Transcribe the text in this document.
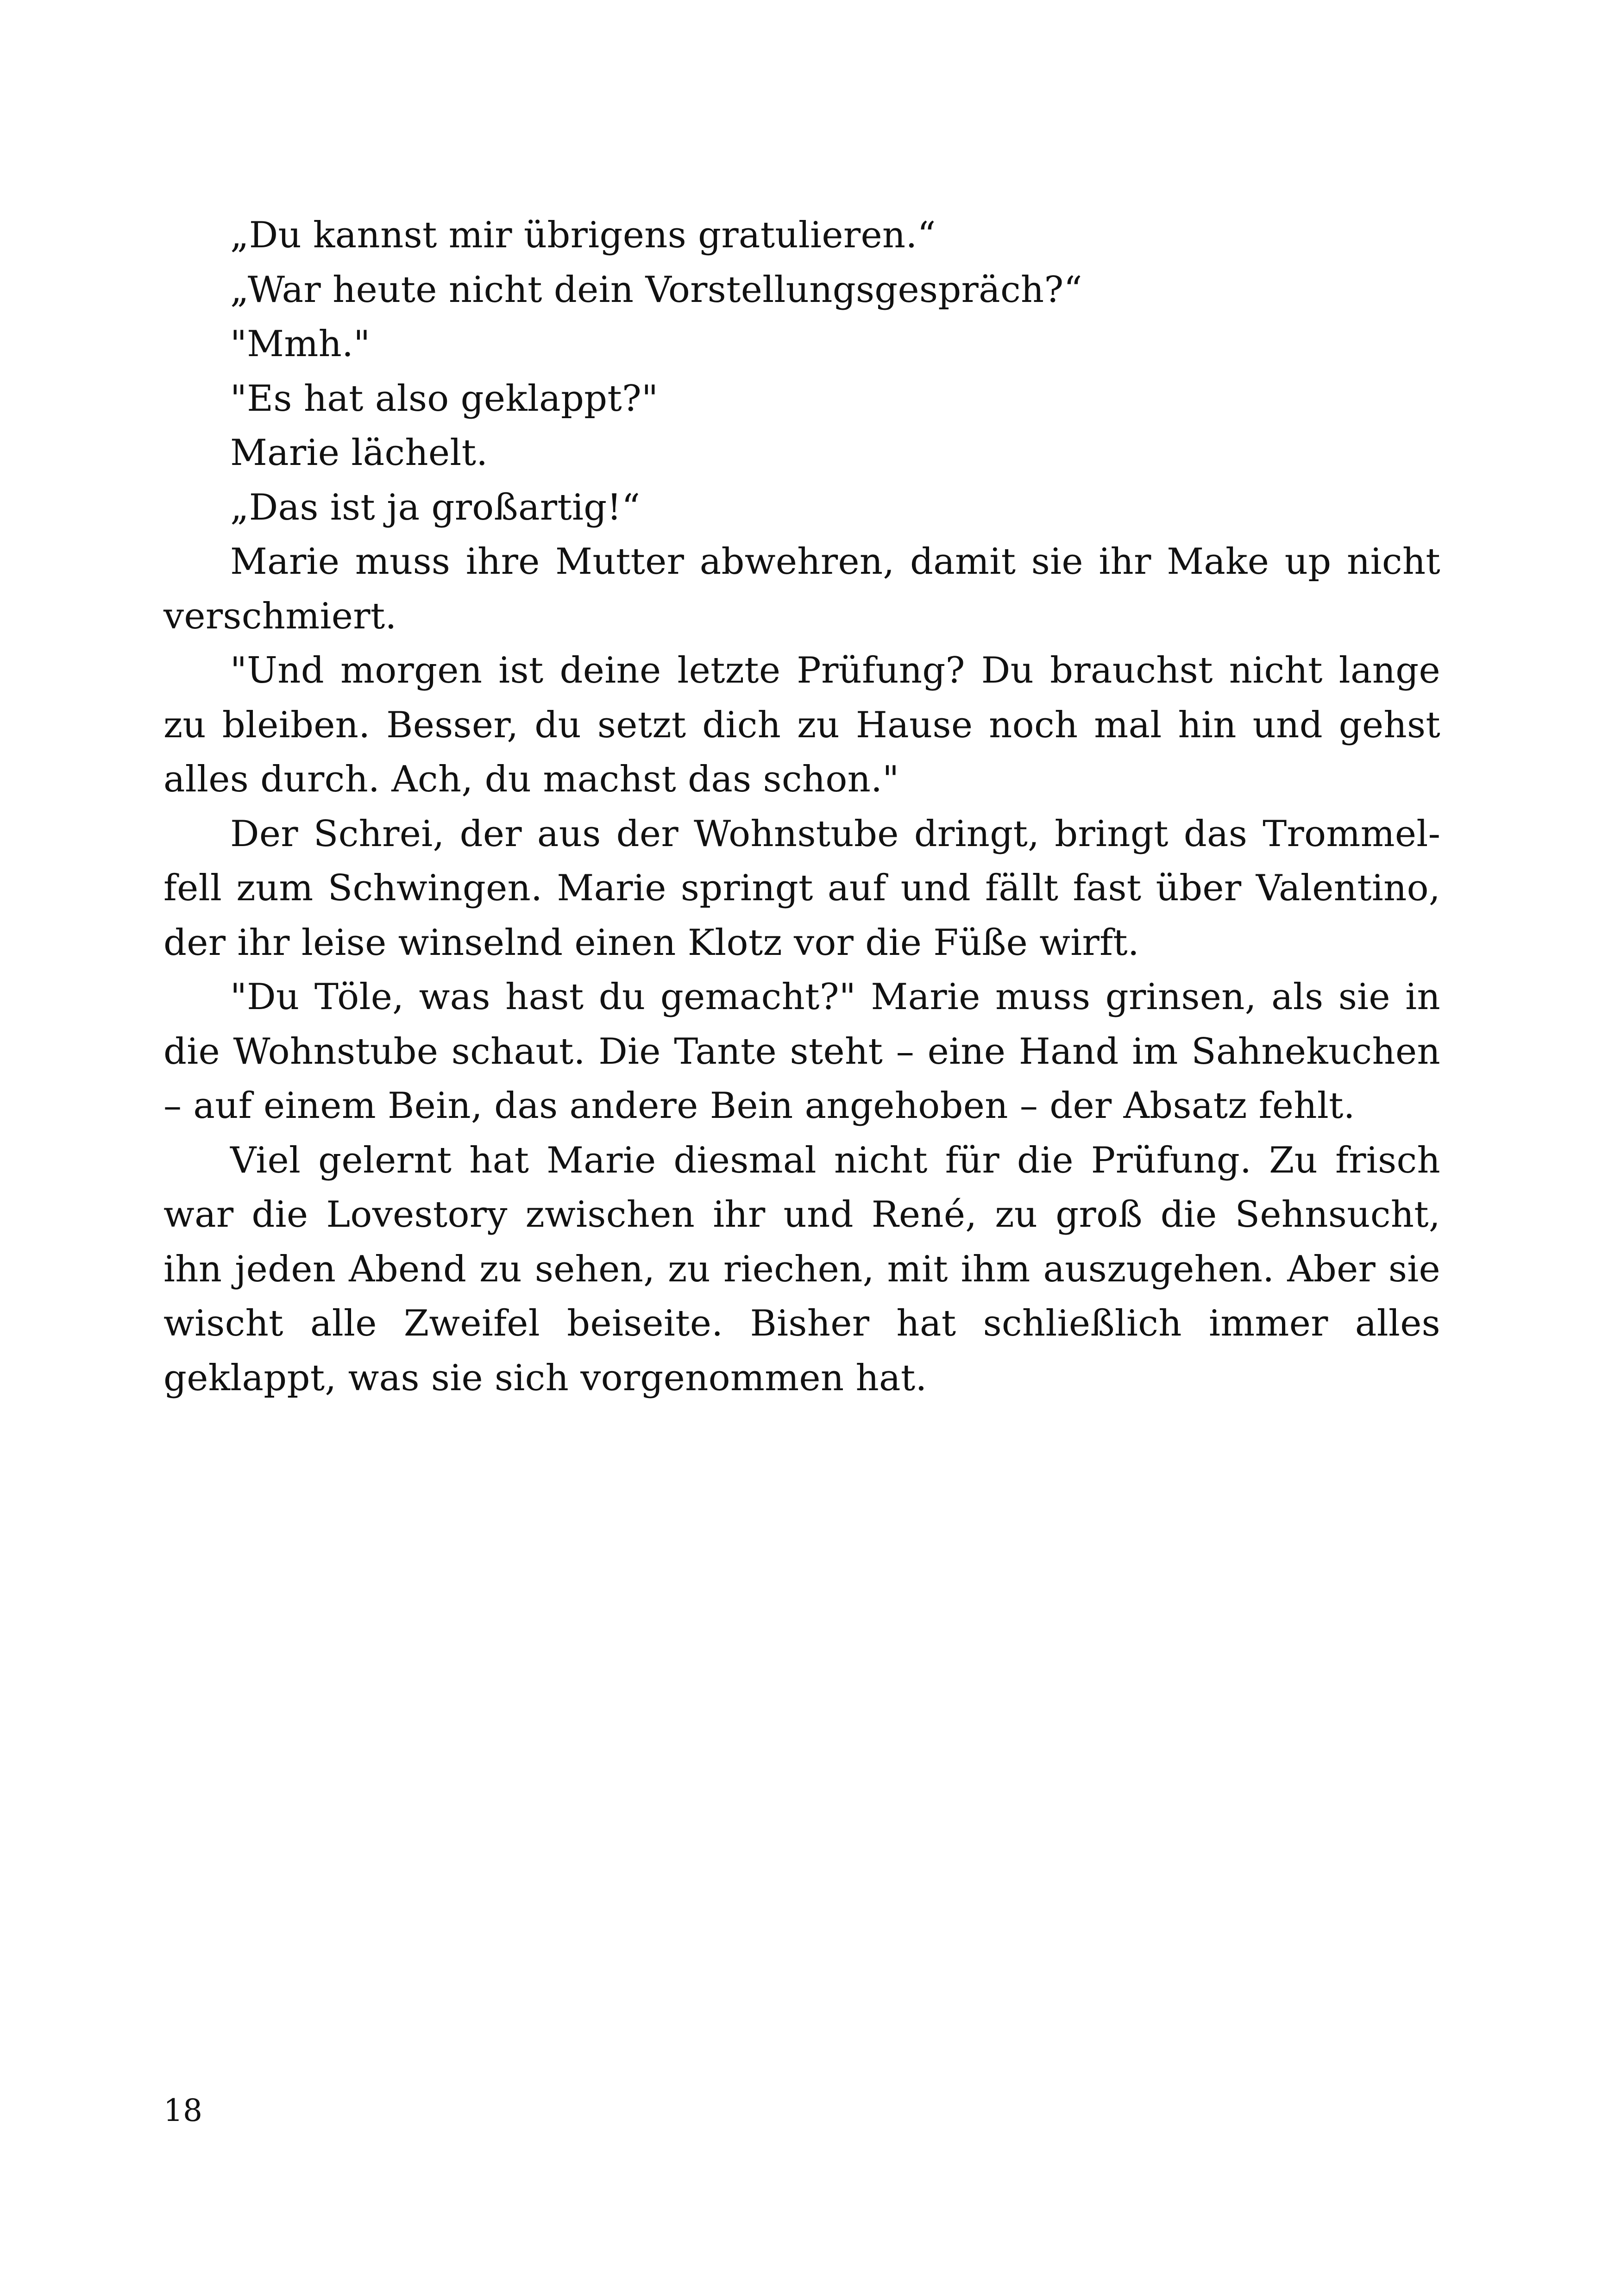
„Du kannst mir übrigens gratulieren.“

„War heute nicht dein Vorstellungsgespräch?“

"Mmh."

"Es hat also geklappt?"

Marie lächelt.

„Das ist ja großartig!“

Marie muss ihre Mutter abwehren, damit sie ihr Make up nicht verschmiert.

"Und morgen ist deine letzte Prüfung? Du brauchst nicht lange zu bleiben. Besser, du setzt dich zu Hause noch mal hin und gehst alles durch. Ach, du machst das schon."

Der Schrei, der aus der Wohnstube dringt, bringt das Trommelfell zum Schwingen. Marie springt auf und fällt fast über Valentino, der ihr leise winselnd einen Klotz vor die Füße wirft.

"Du Töle, was hast du gemacht?" Marie muss grinsen, als sie in die Wohnstube schaut. Die Tante steht – eine Hand im Sahnekuchen – auf einem Bein, das andere Bein angehoben – der Absatz fehlt.

Viel gelernt hat Marie diesmal nicht für die Prüfung. Zu frisch war die Lovestory zwischen ihr und René, zu groß die Sehnsucht, ihn jeden Abend zu sehen, zu riechen, mit ihm auszugehen. Aber sie wischt alle Zweifel beiseite. Bisher hat schließlich immer alles geklappt, was sie sich vorgenommen hat.

18
